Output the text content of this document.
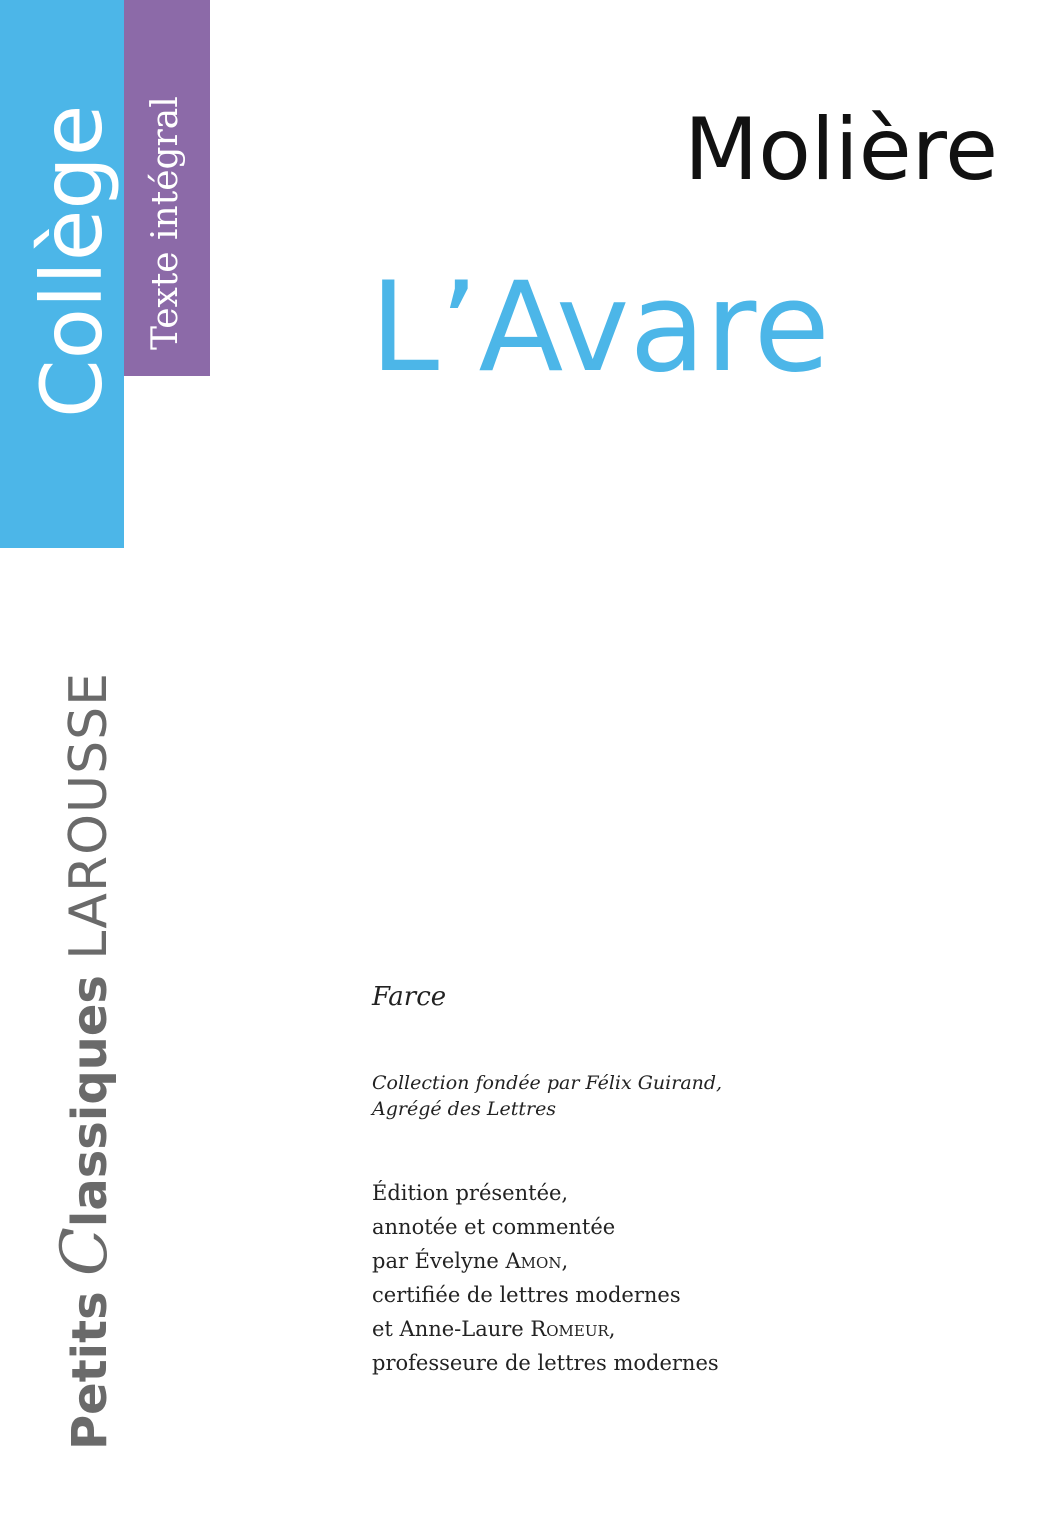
Collège Texte intégral
Petits Classiques LAROUSSE
Molière
L’Avare
Farce
Collection fondée par Félix Guirand,
Agrégé des Lettres
Édition présentée,
annotée et commentée
par Évelyne Amon,
certifiée de lettres modernes
et Anne-Laure Romeur,
professeure de lettres modernes
